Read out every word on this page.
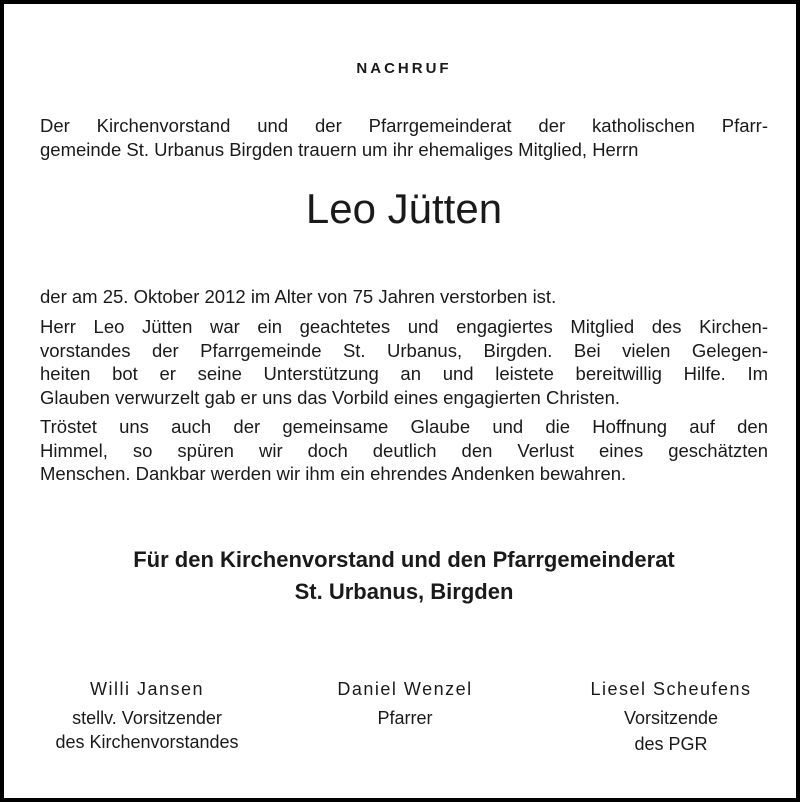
NACHRUF
Der Kirchenvorstand und der Pfarrgemeinderat der katholischen Pfarr-
gemeinde St. Urbanus Birgden trauern um ihr ehemaliges Mitglied, Herrn
Leo Jütten
der am 25. Oktober 2012 im Alter von 75 Jahren verstorben ist.
Herr Leo Jütten war ein geachtetes und engagiertes Mitglied des Kirchen-
vorstandes der Pfarrgemeinde St. Urbanus, Birgden. Bei vielen Gelegen-
heiten bot er seine Unterstützung an und leistete bereitwillig Hilfe. Im
Glauben verwurzelt gab er uns das Vorbild eines engagierten Christen.
Tröstet uns auch der gemeinsame Glaube und die Hoffnung auf den
Himmel, so spüren wir doch deutlich den Verlust eines geschätzten
Menschen. Dankbar werden wir ihm ein ehrendes Andenken bewahren.
Für den Kirchenvorstand und den Pfarrgemeinderat
St. Urbanus, Birgden
Willi Jansen
stellv. Vorsitzender
des Kirchenvorstandes
Daniel Wenzel
Pfarrer
Liesel Scheufens
Vorsitzende
des PGR
